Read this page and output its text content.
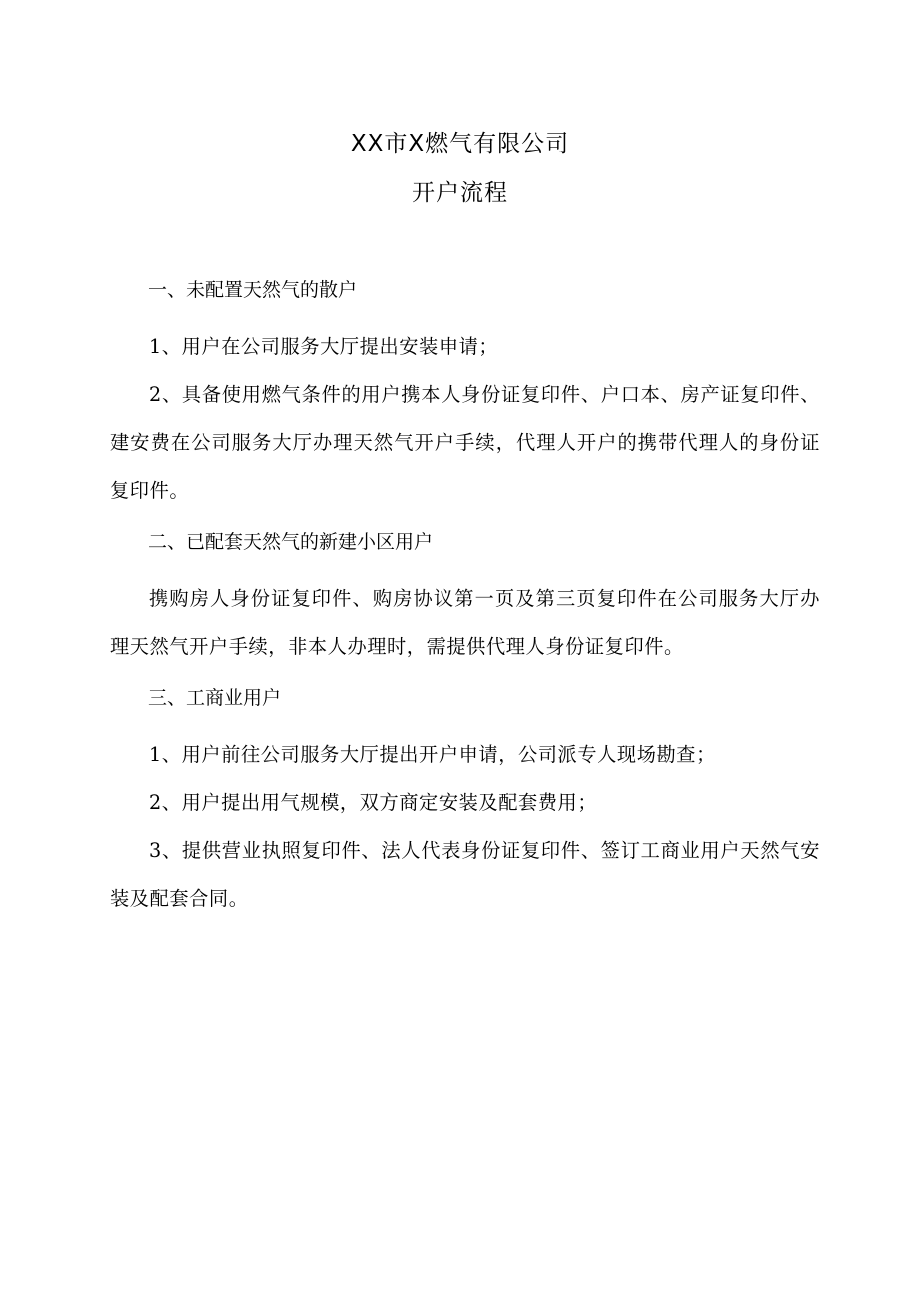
XX市X燃气有限公司
开户流程
一、未配置天然气的散户

1、用户在公司服务大厅提出安装申请；

2、具备使用燃气条件的用户携本人身份证复印件、户口本、房产证复印件、建安费在公司服务大厅办理天然气开户手续，代理人开户的携带代理人的身份证复印件。

二、已配套天然气的新建小区用户

携购房人身份证复印件、购房协议第一页及第三页复印件在公司服务大厅办理天然气开户手续，非本人办理时，需提供代理人身份证复印件。

三、工商业用户

1、用户前往公司服务大厅提出开户申请，公司派专人现场勘查；

2、用户提出用气规模，双方商定安装及配套费用；

3、提供营业执照复印件、法人代表身份证复印件、签订工商业用户天然气安装及配套合同。
